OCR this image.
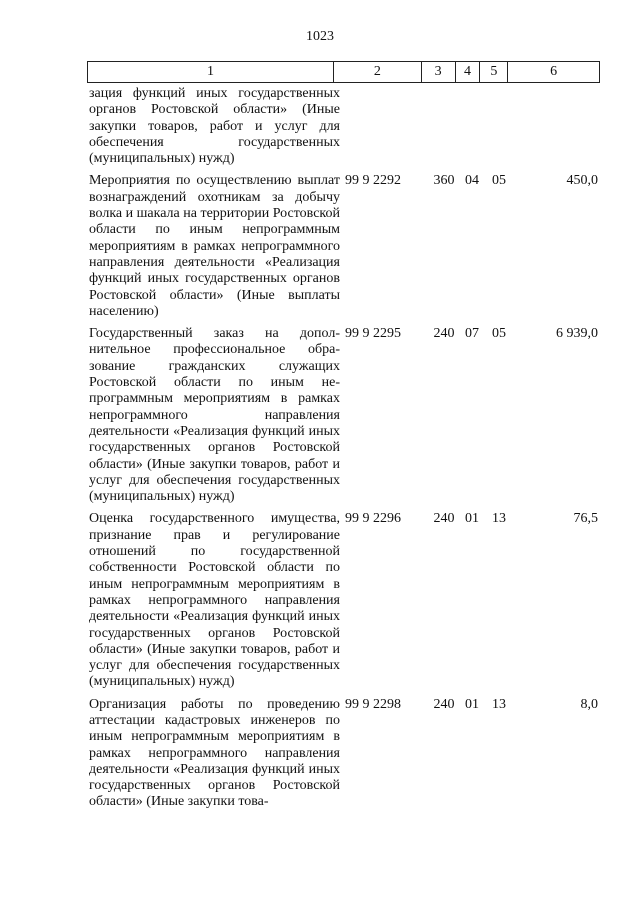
1023
1	2	3	4	5	6
зация функций иных государственных органов Ростовской области» (Иные закупки товаров, работ и услуг для обеспечения государственных (муниципальных) нужд)
Мероприятия по осуществлению выплат вознаграждений охотникам за добычу волка и шакала на территории Ростовской области по иным непрограммным мероприятиям в рамках непрограммного направления деятельности «Реализация функций иных государственных органов Ростовской области» (Иные выплаты населению)
99 9 2292	360 04 05	450,0
Государственный заказ на дополнительное профессиональное образование гражданских служащих Ростовской области по иным непрограммным мероприятиям в рамках непрограммного направления деятельности «Реализация функций иных государственных органов Ростовской области» (Иные закупки товаров, работ и услуг для обеспечения государственных (муниципальных) нужд)
99 9 2295	240 07 05	6 939,0
Оценка государственного имущества, признание прав и регулирование отношений по государственной собственности Ростовской области по иным непрограммным мероприятиям в рамках непрограммного направления деятельности «Реализация функций иных государственных органов Ростовской области» (Иные закупки товаров, работ и услуг для обеспечения государственных (муниципальных) нужд)
99 9 2296	240 01 13	76,5
Организация работы по проведению аттестации кадастровых инженеров по иным непрограммным мероприятиям в рамках непрограммного направления деятельности «Реализация функций иных государственных органов Ростовской области» (Иные закупки това-
99 9 2298	240 01 13	8,0
